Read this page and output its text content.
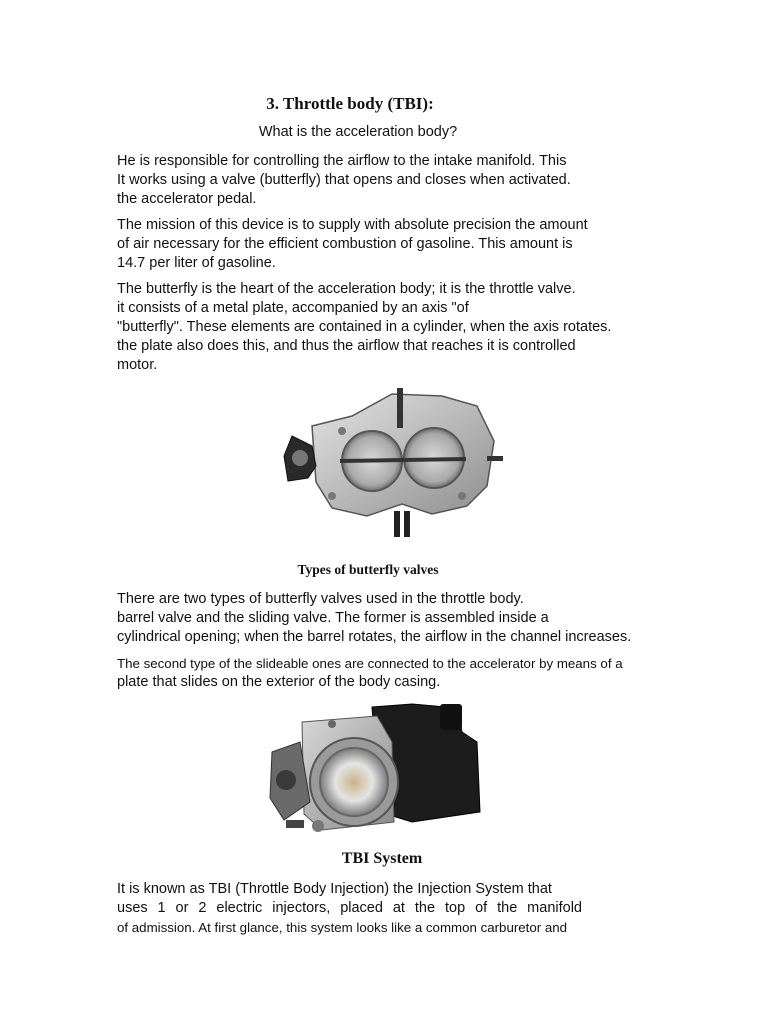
3. Throttle body (TBI):
What is the acceleration body?
He is responsible for controlling the airflow to the intake manifold. This
It works using a valve (butterfly) that opens and closes when activated.
the accelerator pedal.
The mission of this device is to supply with absolute precision the amount
of air necessary for the efficient combustion of gasoline. This amount is
14.7 per liter of gasoline.
The butterfly is the heart of the acceleration body; it is the throttle valve.
it consists of a metal plate, accompanied by an axis "of
"butterfly". These elements are contained in a cylinder, when the axis rotates.
the plate also does this, and thus the airflow that reaches it is controlled
motor.
Types of butterfly valves
There are two types of butterfly valves used in the throttle body.
barrel valve and the sliding valve. The former is assembled inside a
cylindrical opening; when the barrel rotates, the airflow in the channel increases.
The second type of the slideable ones are connected to the accelerator by means of a
plate that slides on the exterior of the body casing.
TBI System
It is known as TBI (Throttle Body Injection) the Injection System that
uses 1 or 2 electric injectors, placed at the top of the manifold
of admission. At first glance, this system looks like a common carburetor and
